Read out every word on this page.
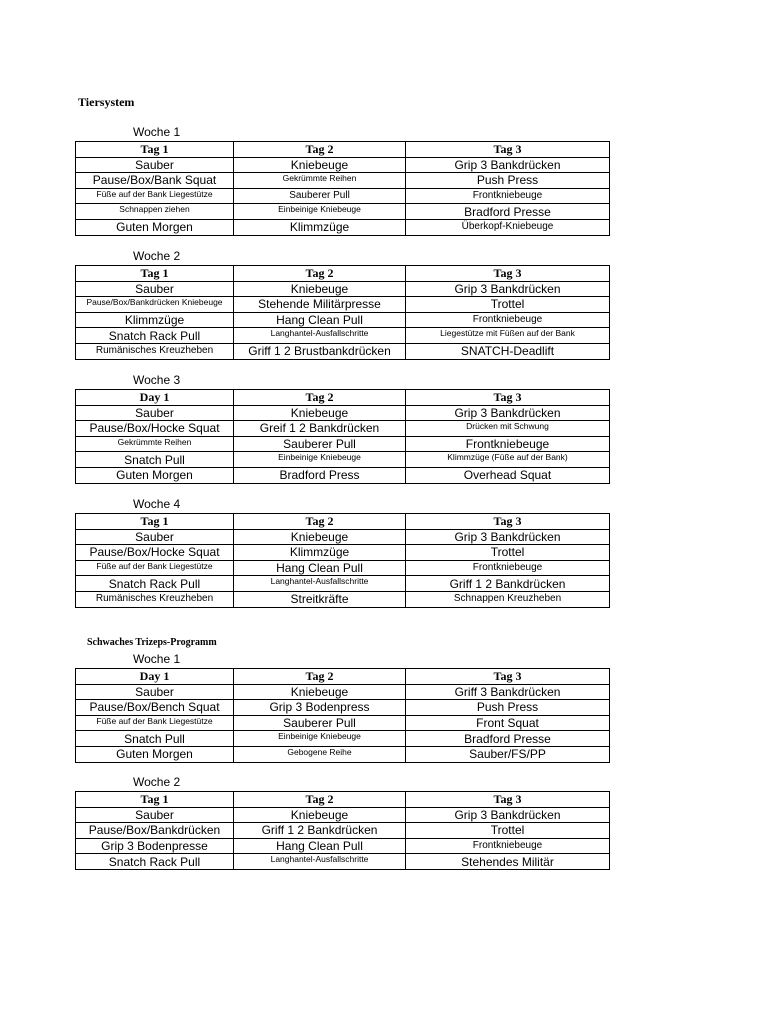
Tiersystem
Woche 1
Tag 1	Tag 2	Tag 3
Sauber	Kniebeuge	Grip 3 Bankdrücken
Pause/Box/Bank Squat	Gekrümmte Reihen	Push Press
Füße auf der Bank Liegestütze	Sauberer Pull	Frontkniebeuge
Schnappen ziehen	Einbeinige Kniebeuge	Bradford Presse
Guten Morgen	Klimmzüge	Überkopf-Kniebeuge
Woche 2
Tag 1	Tag 2	Tag 3
Sauber	Kniebeuge	Grip 3 Bankdrücken
Pause/Box/Bankdrücken Kniebeuge	Stehende Militärpresse	Trottel
Klimmzüge	Hang Clean Pull	Frontkniebeuge
Snatch Rack Pull	Langhantel-Ausfallschritte	Liegestütze mit Füßen auf der Bank
Rumänisches Kreuzheben	Griff 1 2 Brustbankdrücken	SNATCH-Deadlift
Woche 3
Day 1	Tag 2	Tag 3
Sauber	Kniebeuge	Grip 3 Bankdrücken
Pause/Box/Hocke Squat	Greif 1 2 Bankdrücken	Drücken mit Schwung
Gekrümmte Reihen	Sauberer Pull	Frontkniebeuge
Snatch Pull	Einbeinige Kniebeuge	Klimmzüge (Füße auf der Bank)
Guten Morgen	Bradford Press	Overhead Squat
Woche 4
Tag 1	Tag 2	Tag 3
Sauber	Kniebeuge	Grip 3 Bankdrücken
Pause/Box/Hocke Squat	Klimmzüge	Trottel
Füße auf der Bank Liegestütze	Hang Clean Pull	Frontkniebeuge
Snatch Rack Pull	Langhantel-Ausfallschritte	Griff 1 2 Bankdrücken
Rumänisches Kreuzheben	Streitkräfte	Schnappen Kreuzheben
Schwaches Trizeps-Programm
Woche 1
Day 1	Tag 2	Tag 3
Sauber	Kniebeuge	Griff 3 Bankdrücken
Pause/Box/Bench Squat	Grip 3 Bodenpress	Push Press
Füße auf der Bank Liegestütze	Sauberer Pull	Front Squat
Snatch Pull	Einbeinige Kniebeuge	Bradford Presse
Guten Morgen	Gebogene Reihe	Sauber/FS/PP
Woche 2
Tag 1	Tag 2	Tag 3
Sauber	Kniebeuge	Grip 3 Bankdrücken
Pause/Box/Bankdrücken	Griff 1 2 Bankdrücken	Trottel
Grip 3 Bodenpresse	Hang Clean Pull	Frontkniebeuge
Snatch Rack Pull	Langhantel-Ausfallschritte	Stehendes Militär
